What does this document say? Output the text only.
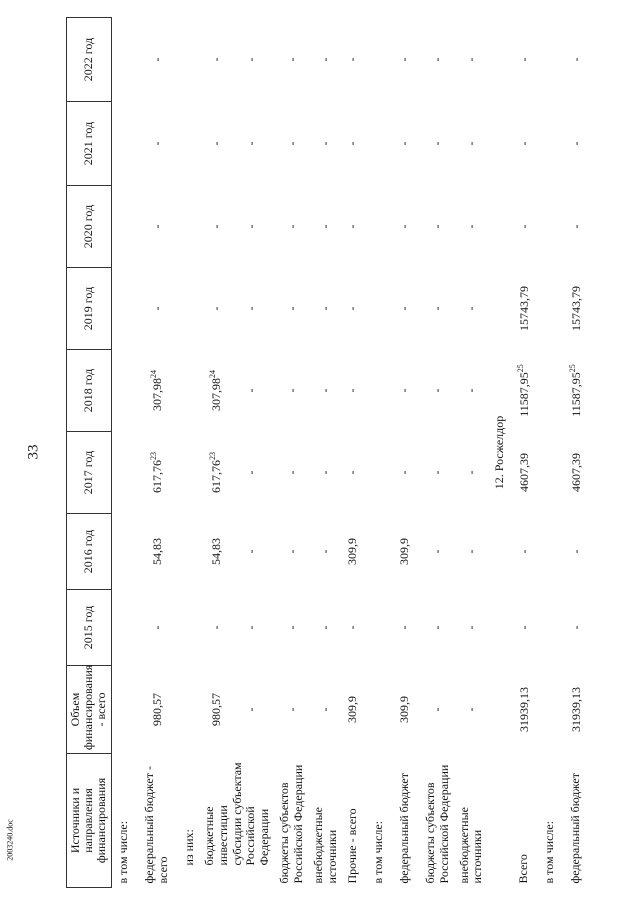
33
2003240.doc	Источники и направления финансирования	Объем финансирования - всего	2015 год	2016 год	2017 год	2018 год	2019 год	2020 год	2021 год	2022 год
в том числе:									
федеральный бюджет - всего	980,57	-	54,83	617,76$^{23}$	307,98$^{24}$	-	-	-	-
из них:									
бюджетные инвестиции	980,57	-	54,83	617,76$^{23}$	307,98$^{24}$	-	-	-	-
субсидии субъектам Российской Федерации	-	-	-	-	-	-	-	-	-
бюджеты субъектов Российской Федерации	-	-	-	-	-	-	-	-	-
внебюджетные источники	-	-	-	-	-	-	-	-	-
Прочие - всего	309,9	-	309,9	-	-	-	-	-	-
в том числе:									
федеральный бюджет	309,9	-	309,9	-	-	-	-	-	-
бюджеты субъектов Российской Федерации	-	-	-	-	-	-	-	-	-
внебюджетные источники	-	-	-	-	-	-	-	-	-
12. Росжелдор									
Всего	31939,13	-	-	4607,39	11587,95$^{25}$	15743,79	-	-	-
в том числе:									
федеральный бюджет	31939,13	-	-	4607,39	11587,95$^{25}$	15743,79	-	-	-
